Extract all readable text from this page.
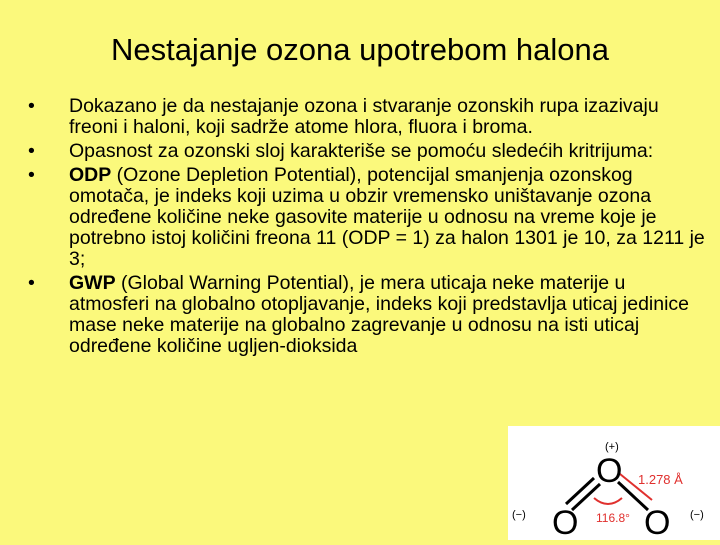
Nestajanje ozona upotrebom halona
•	Dokazano je da nestajanje ozona i stvaranje ozonskih rupa izazivaju freoni i haloni, koji sadrže atome hlora, fluora i broma.
•	Opasnost za ozonski sloj karakteriše se pomoću sledećih kritrijuma:
•	ODP (Ozone Depletion Potential), potencijal smanjenja ozonskog omotača, je indeks koji uzima u obzir vremensko uništavanje ozona određene količine neke gasovite materije u odnosu na vreme koje je potrebno istoj količini freona 11 (ODP = 1) za halon 1301 je 10, za 1211 je 3;
•	GWP (Global Warning Potential), je mera uticaja neke materije u atmosferi na globalno otopljavanje, indeks koji predstavlja uticaj jedinice mase neke materije na globalno zagrevanje u odnosu na isti uticaj određene količine ugljen-dioksida
O
O O
(+)
(−)	(−)
1.278 Å
116.8°
